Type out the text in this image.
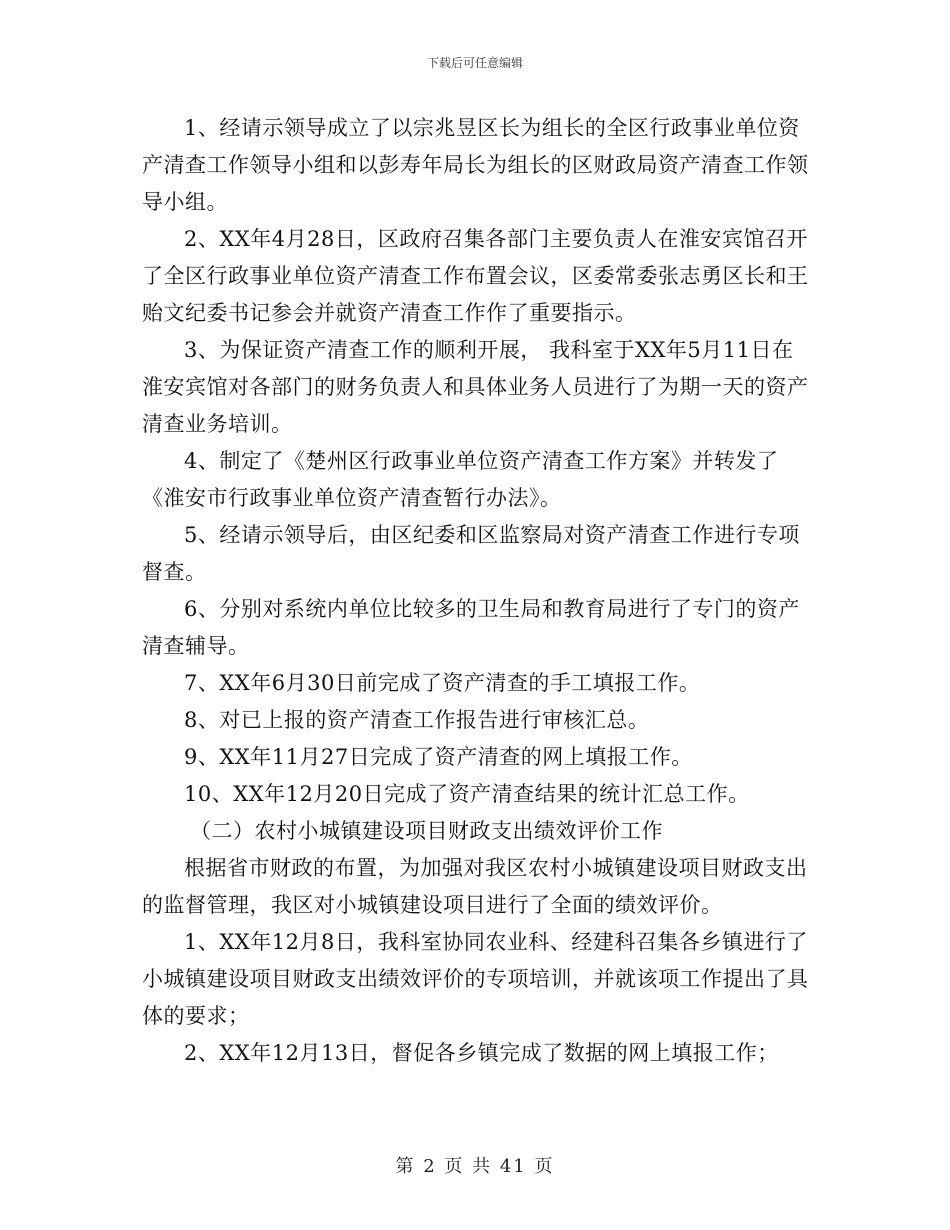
下载后可任意编辑

1、经请示领导成立了以宗兆昱区长为组长的全区行政事业单位资产清查工作领导小组和以彭寿年局长为组长的区财政局资产清查工作领导小组。

2、XX年4月28日，区政府召集各部门主要负责人在淮安宾馆召开了全区行政事业单位资产清查工作布置会议，区委常委张志勇区长和王贻文纪委书记参会并就资产清查工作作了重要指示。

3、为保证资产清查工作的顺利开展， 我科室于XX年5月11日在淮安宾馆对各部门的财务负责人和具体业务人员进行了为期一天的资产清查业务培训。

4、制定了《楚州区行政事业单位资产清查工作方案》并转发了《淮安市行政事业单位资产清查暂行办法》。

5、经请示领导后，由区纪委和区监察局对资产清查工作进行专项督查。

6、分别对系统内单位比较多的卫生局和教育局进行了专门的资产清查辅导。

7、XX年6月30日前完成了资产清查的手工填报工作。

8、对已上报的资产清查工作报告进行审核汇总。

9、XX年11月27日完成了资产清查的网上填报工作。

10、XX年12月20日完成了资产清查结果的统计汇总工作。

（二）农村小城镇建设项目财政支出绩效评价工作

根据省市财政的布置，为加强对我区农村小城镇建设项目财政支出的监督管理，我区对小城镇建设项目进行了全面的绩效评价。

1、XX年12月8日，我科室协同农业科、经建科召集各乡镇进行了小城镇建设项目财政支出绩效评价的专项培训，并就该项工作提出了具体的要求；

2、XX年12月13日，督促各乡镇完成了数据的网上填报工作；

第 2 页 共 41 页
